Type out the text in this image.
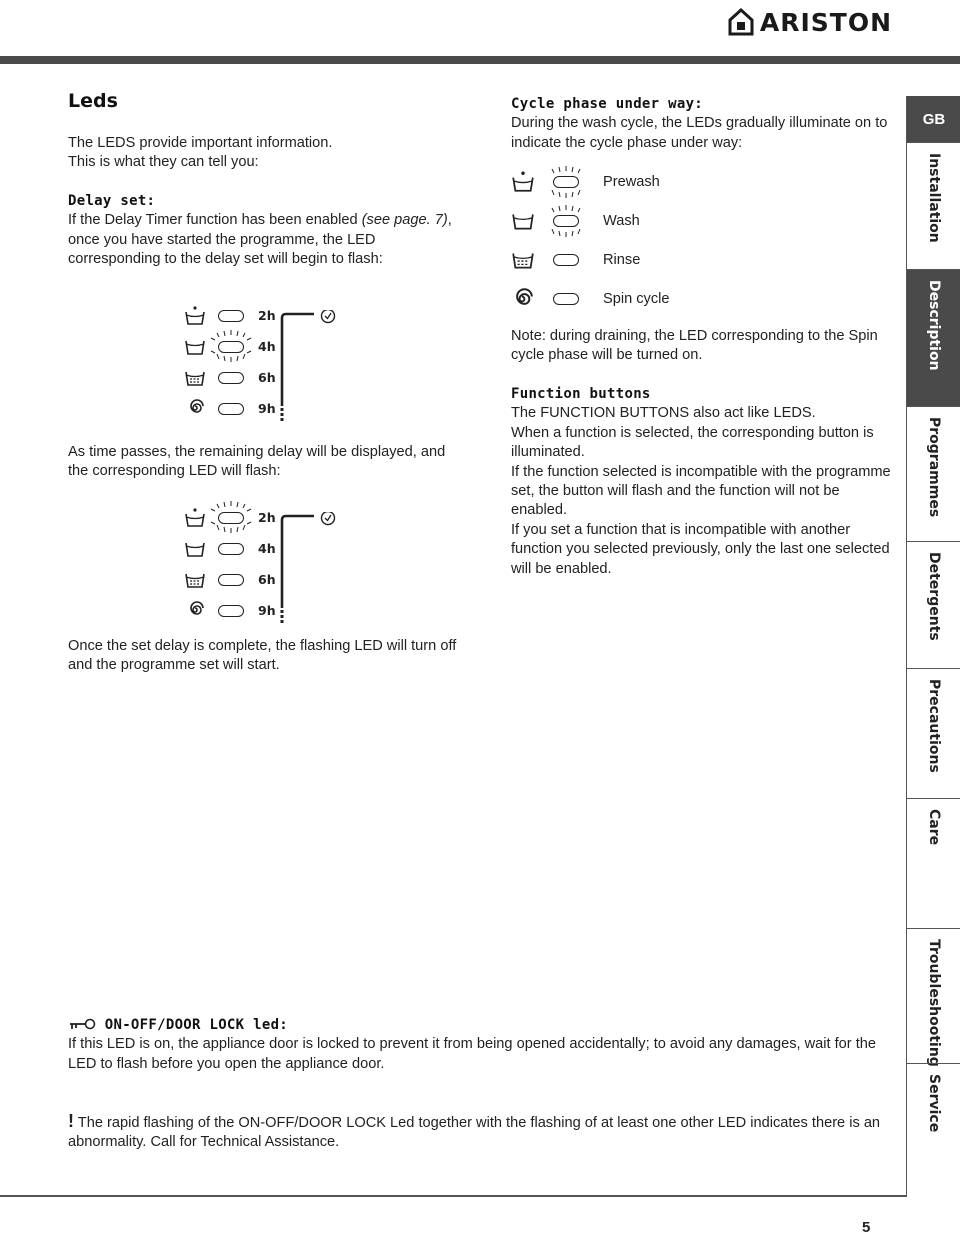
ARISTON
Leds

The LEDS provide important information.

This is what they can tell you:

Delay set:

If the Delay Timer function has been enabled (see page. 7), once you have started the programme, the LED corresponding to the delay set will begin to flash:

2h
4h
6h
9h

As time passes, the remaining delay will be displayed, and the corresponding LED will flash:

2h
4h
6h
9h

Once the set delay is complete, the flashing LED will turn off and the programme set will start.

Cycle phase under way:

During the wash cycle, the LEDs gradually illuminate on to indicate the cycle phase under way:

Prewash
Wash
Rinse
Spin cycle

Note: during draining, the LED corresponding to the Spin cycle phase will be turned on.

Function buttons

The FUNCTION BUTTONS also act like LEDS.

When a function is selected, the corresponding button is illuminated.

If the function selected is incompatible with the programme set, the button will flash and the function will not be enabled.

If you set a function that is incompatible with another function you selected previously, only the last one selected will be enabled.

ON-OFF/DOOR LOCK led:

If this LED is on, the appliance door is locked to prevent it from being opened accidentally; to avoid any damages, wait for the LED to flash before you open the appliance door.

! The rapid flashing of the ON-OFF/DOOR LOCK Led together with the flashing of at least one other LED indicates there is an abnormality. Call for Technical Assistance.

GB
Installation
Description
Programmes
Detergents
Precautions
Care
Troubleshooting
Service
5
